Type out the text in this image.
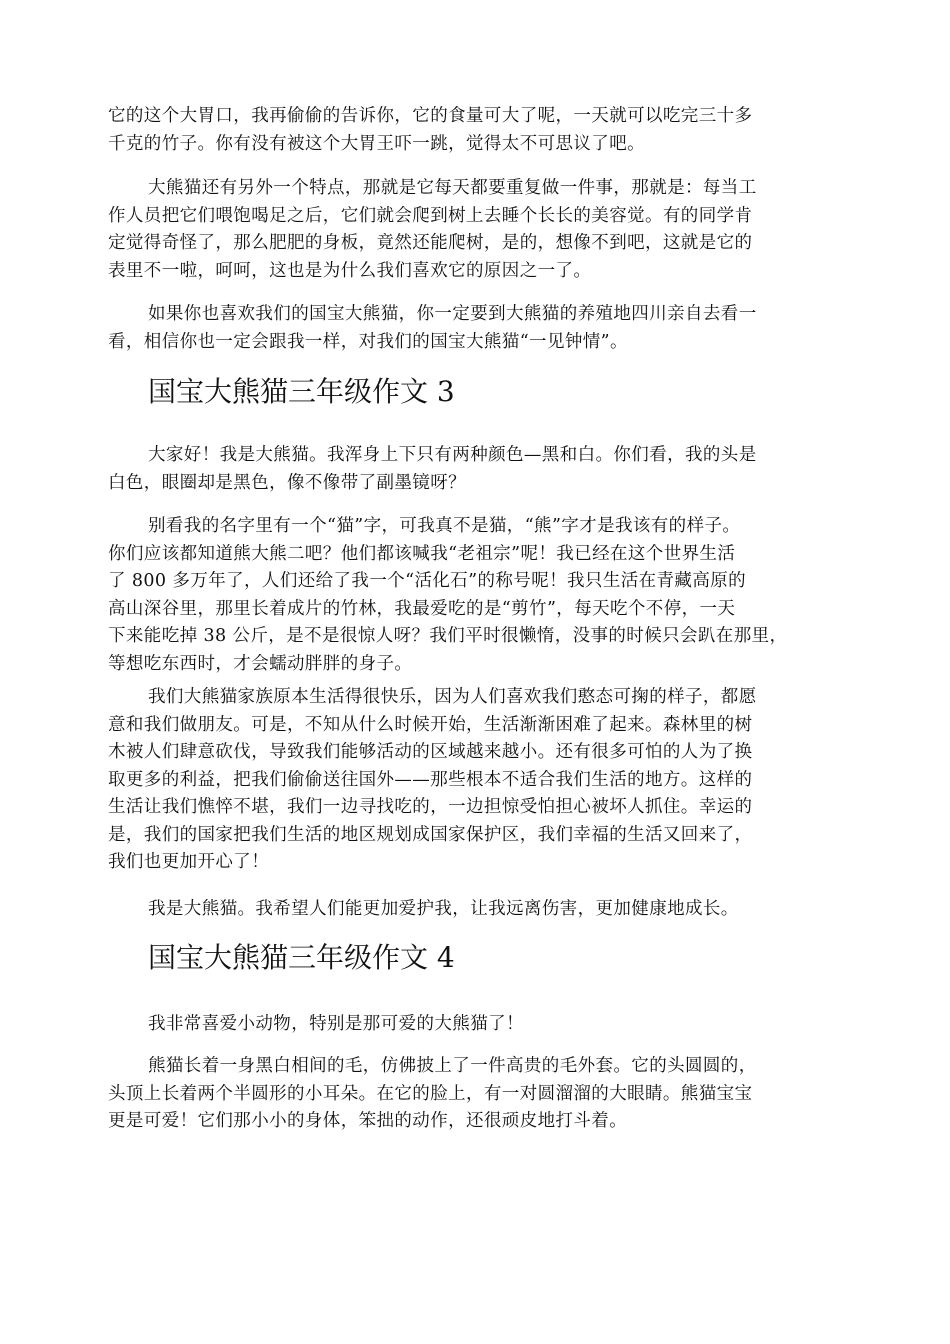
它的这个大胃口，我再偷偷的告诉你，它的食量可大了呢，一天就可以吃完三十多

千克的竹子。你有没有被这个大胃王吓一跳，觉得太不可思议了吧。

大熊猫还有另外一个特点，那就是它每天都要重复做一件事，那就是：每当工

作人员把它们喂饱喝足之后，它们就会爬到树上去睡个长长的美容觉。有的同学肯

定觉得奇怪了，那么肥肥的身板，竟然还能爬树，是的，想像不到吧，这就是它的

表里不一啦，呵呵，这也是为什么我们喜欢它的原因之一了。

如果你也喜欢我们的国宝大熊猫，你一定要到大熊猫的养殖地四川亲自去看一

看，相信你也一定会跟我一样，对我们的国宝大熊猫“一见钟情”。

国宝大熊猫三年级作文 3

大家好！我是大熊猫。我浑身上下只有两种颜色—黑和白。你们看，我的头是

白色，眼圈却是黑色，像不像带了副墨镜呀？

别看我的名字里有一个“猫”字，可我真不是猫，“熊”字才是我该有的样子。

你们应该都知道熊大熊二吧？他们都该喊我“老祖宗”呢！我已经在这个世界生活

了 800 多万年了，人们还给了我一个“活化石”的称号呢！我只生活在青藏高原的

高山深谷里，那里长着成片的竹林，我最爱吃的是“剪竹”，每天吃个不停，一天

下来能吃掉 38 公斤，是不是很惊人呀？我们平时很懒惰，没事的时候只会趴在那里，

等想吃东西时，才会蠕动胖胖的身子。

我们大熊猫家族原本生活得很快乐，因为人们喜欢我们憨态可掬的样子，都愿

意和我们做朋友。可是，不知从什么时候开始，生活渐渐困难了起来。森林里的树

木被人们肆意砍伐，导致我们能够活动的区域越来越小。还有很多可怕的人为了换

取更多的利益，把我们偷偷送往国外——那些根本不适合我们生活的地方。这样的

生活让我们憔悴不堪，我们一边寻找吃的，一边担惊受怕担心被坏人抓住。幸运的

是，我们的国家把我们生活的地区规划成国家保护区，我们幸福的生活又回来了，

我们也更加开心了！

我是大熊猫。我希望人们能更加爱护我，让我远离伤害，更加健康地成长。

国宝大熊猫三年级作文 4

我非常喜爱小动物，特别是那可爱的大熊猫了！

熊猫长着一身黑白相间的毛，仿佛披上了一件高贵的毛外套。它的头圆圆的，

头顶上长着两个半圆形的小耳朵。在它的脸上，有一对圆溜溜的大眼睛。熊猫宝宝

更是可爱！它们那小小的身体，笨拙的动作，还很顽皮地打斗着。
